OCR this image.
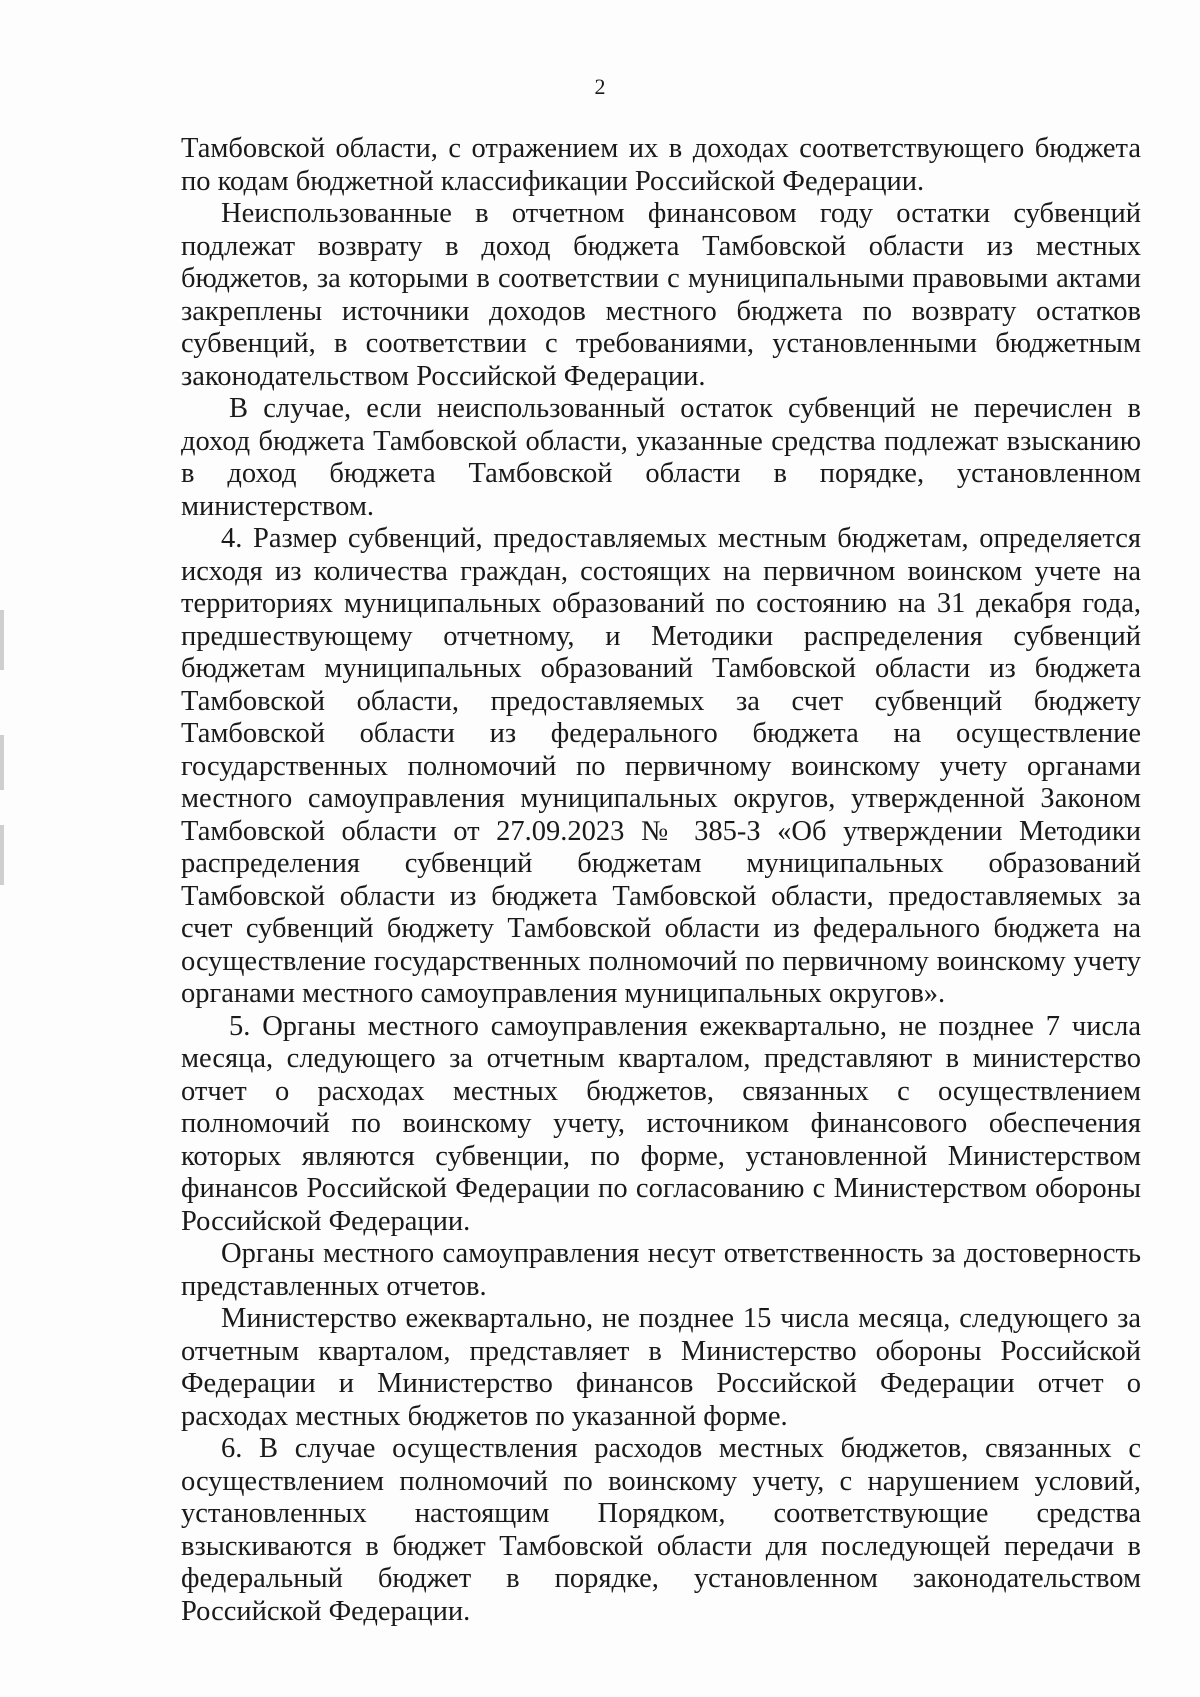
2

Тамбовской области, с отражением их в доходах соответствующего бюджета по кодам бюджетной классификации Российской Федерации.

Неиспользованные в отчетном финансовом году остатки субвенций подлежат возврату в доход бюджета Тамбовской области из местных бюджетов, за которыми в соответствии с муниципальными правовыми актами закреплены источники доходов местного бюджета по возврату остатков субвенций, в соответствии с требованиями, установленными бюджетным законодательством Российской Федерации.

В случае, если неиспользованный остаток субвенций не перечислен в доход бюджета Тамбовской области, указанные средства подлежат взысканию в доход бюджета Тамбовской области в порядке, установленном министерством.

4. Размер субвенций, предоставляемых местным бюджетам, определяется исходя из количества граждан, состоящих на первичном воинском учете на территориях муниципальных образований по состоянию на 31 декабря года, предшествующему отчетному, и Методики распределения субвенций бюджетам муниципальных образований Тамбовской области из бюджета Тамбовской области, предоставляемых за счет субвенций бюджету Тамбовской области из федерального бюджета на осуществление государственных полномочий по первичному воинскому учету органами местного самоуправления муниципальных округов, утвержденной Законом Тамбовской области от 27.09.2023 № 385-З «Об утверждении Методики распределения субвенций бюджетам муниципальных образований Тамбовской области из бюджета Тамбовской области, предоставляемых за счет субвенций бюджету Тамбовской области из федерального бюджета на осуществление государственных полномочий по первичному воинскому учету органами местного самоуправления муниципальных округов».

5. Органы местного самоуправления ежеквартально, не позднее 7 числа месяца, следующего за отчетным кварталом, представляют в министерство отчет о расходах местных бюджетов, связанных с осуществлением полномочий по воинскому учету, источником финансового обеспечения которых являются субвенции, по форме, установленной Министерством финансов Российской Федерации по согласованию с Министерством обороны Российской Федерации.

Органы местного самоуправления несут ответственность за достоверность представленных отчетов.

Министерство ежеквартально, не позднее 15 числа месяца, следующего за отчетным кварталом, представляет в Министерство обороны Российской Федерации и Министерство финансов Российской Федерации отчет о расходах местных бюджетов по указанной форме.

6. В случае осуществления расходов местных бюджетов, связанных с осуществлением полномочий по воинскому учету, с нарушением условий, установленных настоящим Порядком, соответствующие средства взыскиваются в бюджет Тамбовской области для последующей передачи в федеральный бюджет в порядке, установленном законодательством Российской Федерации.
